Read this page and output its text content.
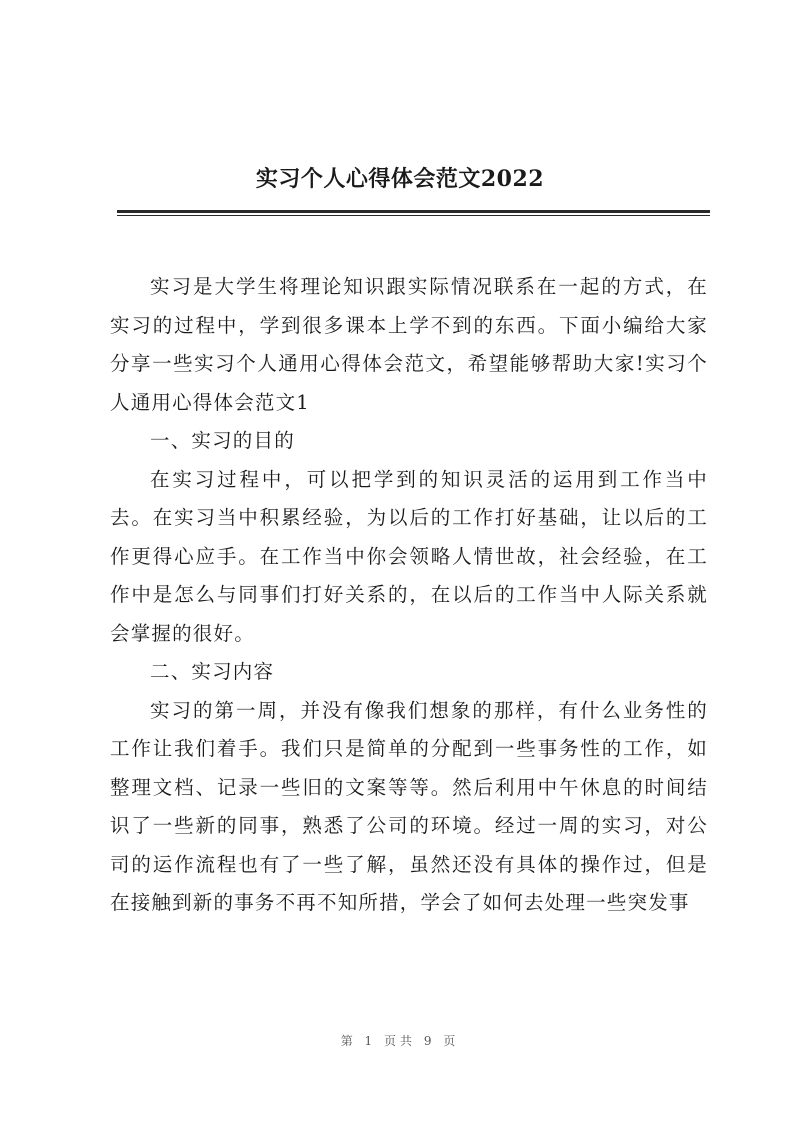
实习个人心得体会范文2022

实习是大学生将理论知识跟实际情况联系在一起的方式，在实习的过程中，学到很多课本上学不到的东西。下面小编给大家分享一些实习个人通用心得体会范文，希望能够帮助大家!实习个人通用心得体会范文1

一、实习的目的

在实习过程中，可以把学到的知识灵活的运用到工作当中去。在实习当中积累经验，为以后的工作打好基础，让以后的工作更得心应手。在工作当中你会领略人情世故，社会经验，在工作中是怎么与同事们打好关系的，在以后的工作当中人际关系就会掌握的很好。

二、实习内容

实习的第一周，并没有像我们想象的那样，有什么业务性的工作让我们着手。我们只是简单的分配到一些事务性的工作，如整理文档、记录一些旧的文案等等。然后利用中午休息的时间结识了一些新的同事，熟悉了公司的环境。经过一周的实习，对公司的运作流程也有了一些了解，虽然还没有具体的操作过，但是在接触到新的事务不再不知所措，学会了如何去处理一些突发事

第 1 页共 9 页
